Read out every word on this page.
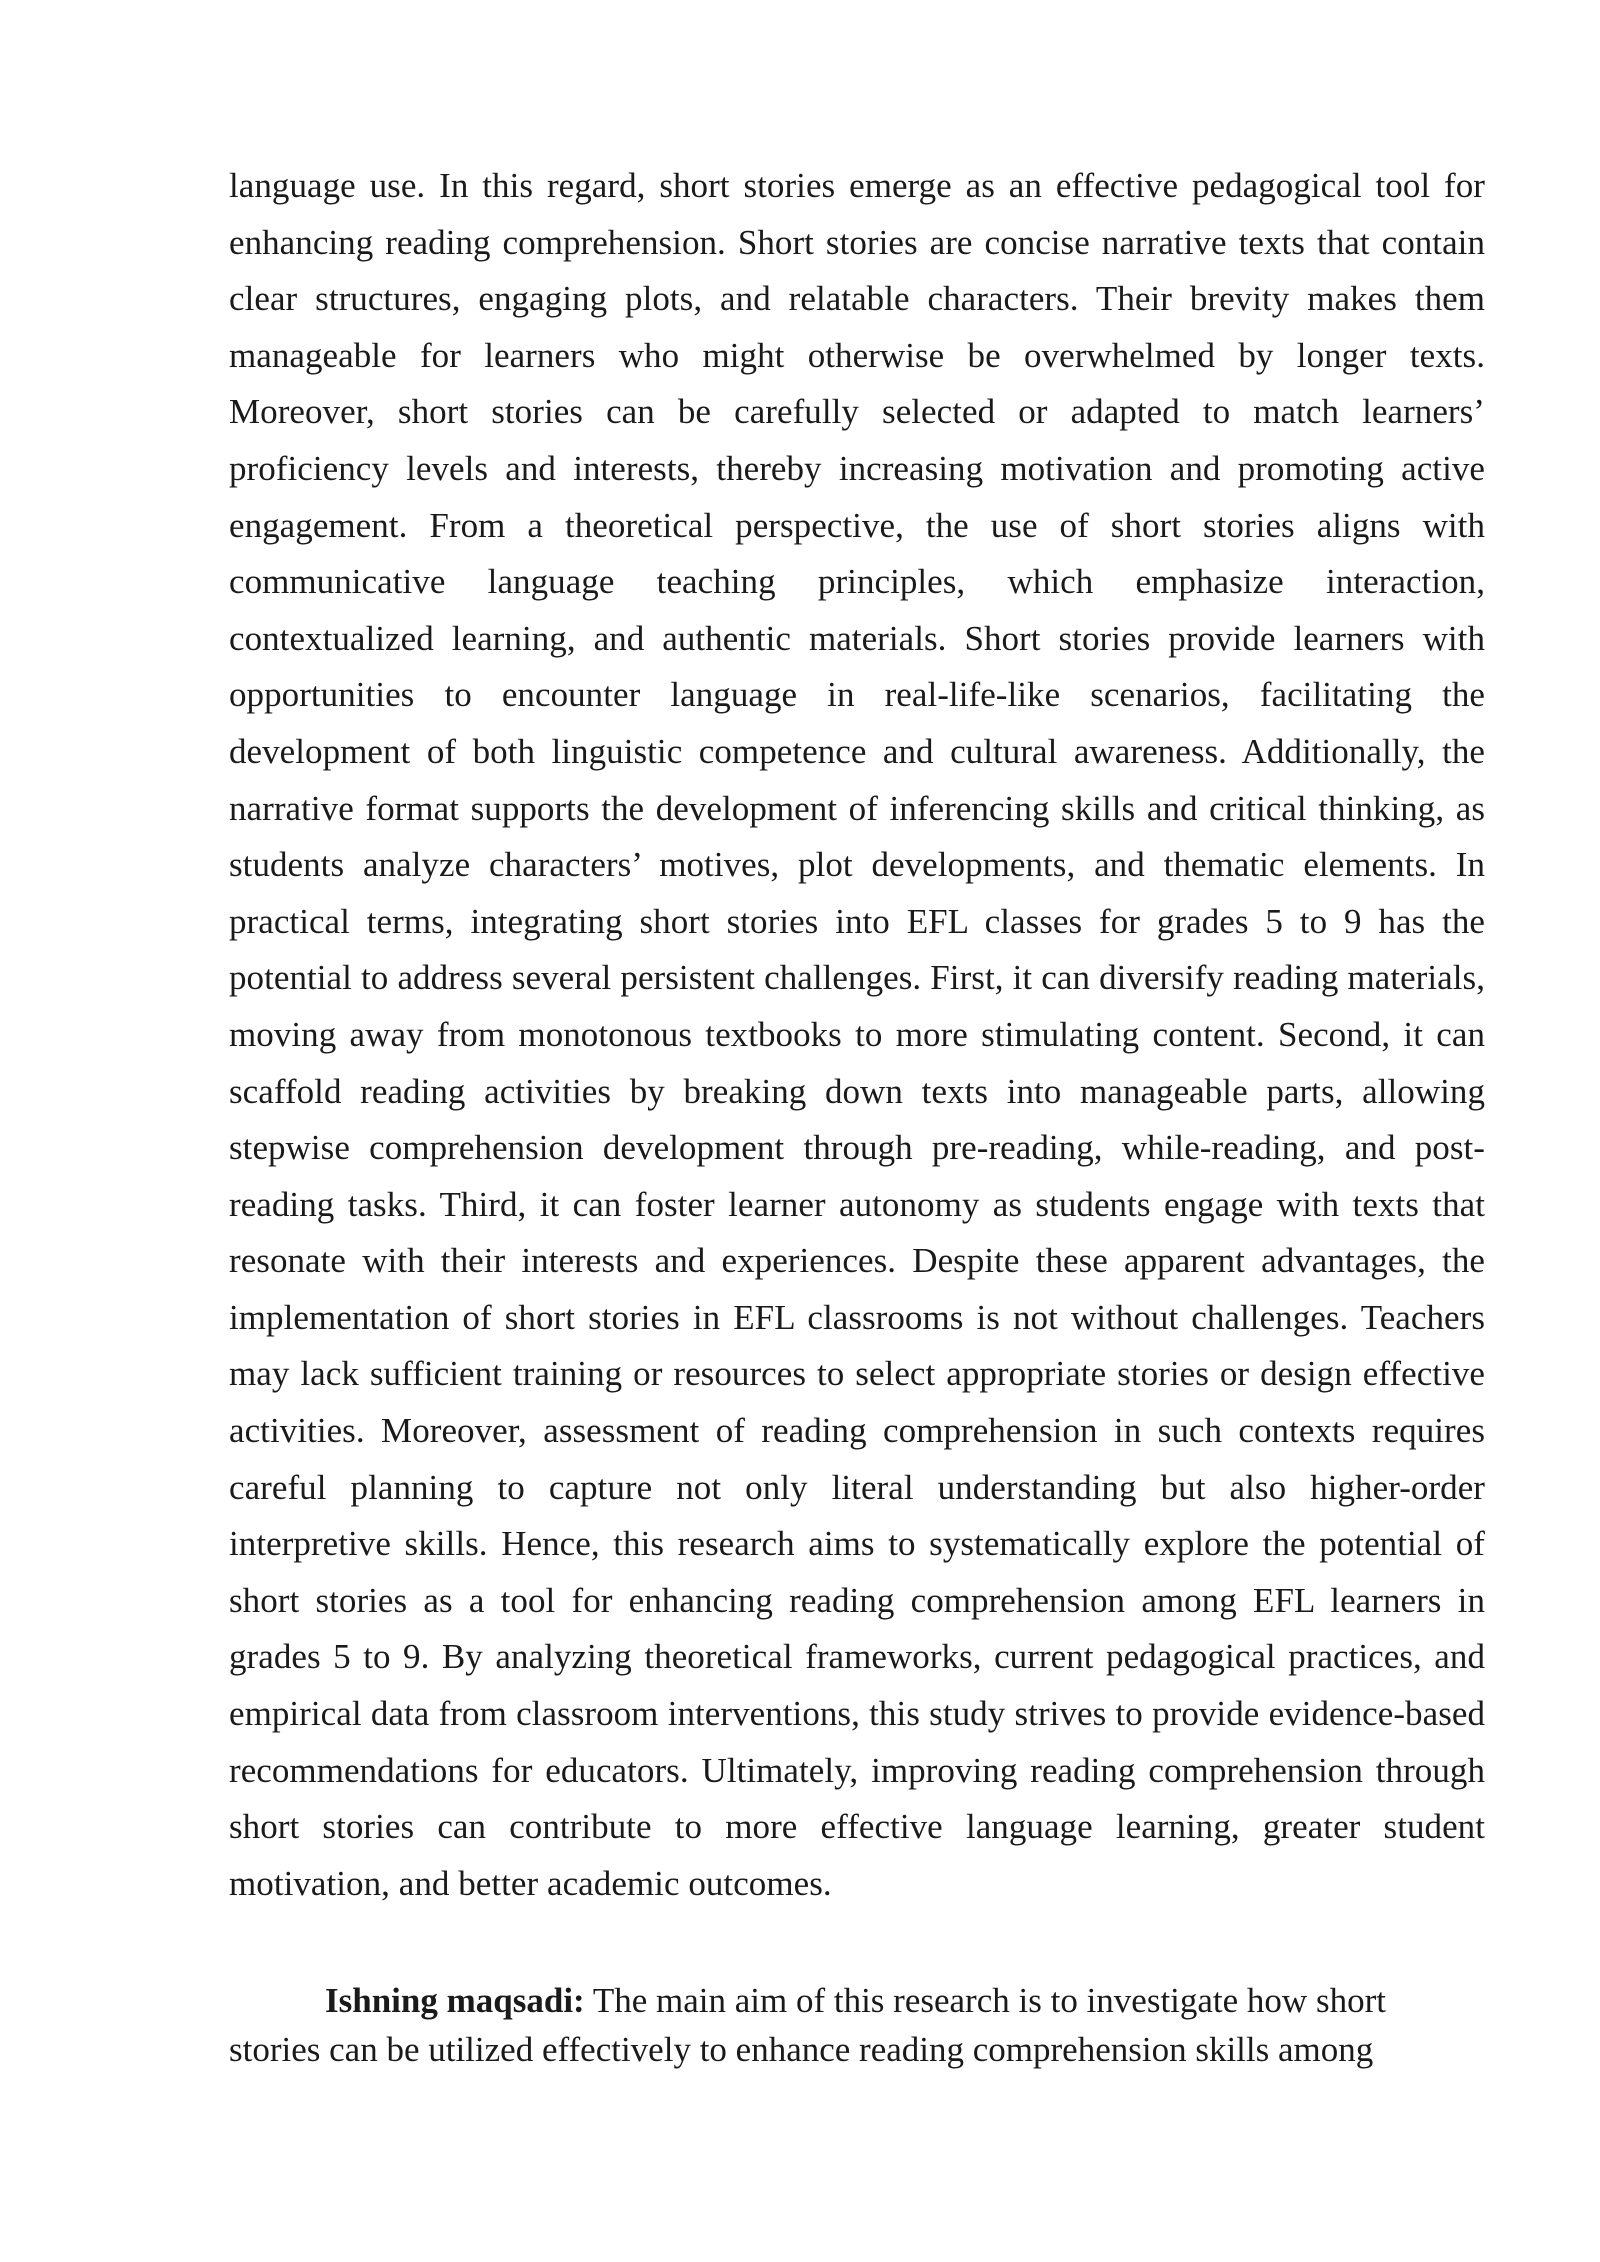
language use. In this regard, short stories emerge as an effective pedagogical tool for enhancing reading comprehension. Short stories are concise narrative texts that contain clear structures, engaging plots, and relatable characters. Their brevity makes them manageable for learners who might otherwise be overwhelmed by longer texts. Moreover, short stories can be carefully selected or adapted to match learners’ proficiency levels and interests, thereby increasing motivation and promoting active engagement. From a theoretical perspective, the use of short stories aligns with communicative language teaching principles, which emphasize interaction, contextualized learning, and authentic materials. Short stories provide learners with opportunities to encounter language in real-life-like scenarios, facilitating the development of both linguistic competence and cultural awareness. Additionally, the narrative format supports the development of inferencing skills and critical thinking, as students analyze characters’ motives, plot developments, and thematic elements. In practical terms, integrating short stories into EFL classes for grades 5 to 9 has the potential to address several persistent challenges. First, it can diversify reading materials, moving away from monotonous textbooks to more stimulating content. Second, it can scaffold reading activities by breaking down texts into manageable parts, allowing stepwise comprehension development through pre-reading, while-reading, and post-reading tasks. Third, it can foster learner autonomy as students engage with texts that resonate with their interests and experiences. Despite these apparent advantages, the implementation of short stories in EFL classrooms is not without challenges. Teachers may lack sufficient training or resources to select appropriate stories or design effective activities. Moreover, assessment of reading comprehension in such contexts requires careful planning to capture not only literal understanding but also higher-order interpretive skills. Hence, this research aims to systematically explore the potential of short stories as a tool for enhancing reading comprehension among EFL learners in grades 5 to 9. By analyzing theoretical frameworks, current pedagogical practices, and empirical data from classroom interventions, this study strives to provide evidence-based recommendations for educators. Ultimately, improving reading comprehension through short stories can contribute to more effective language learning, greater student motivation, and better academic outcomes.

Ishning maqsadi: The main aim of this research is to investigate how short stories can be utilized effectively to enhance reading comprehension skills among
